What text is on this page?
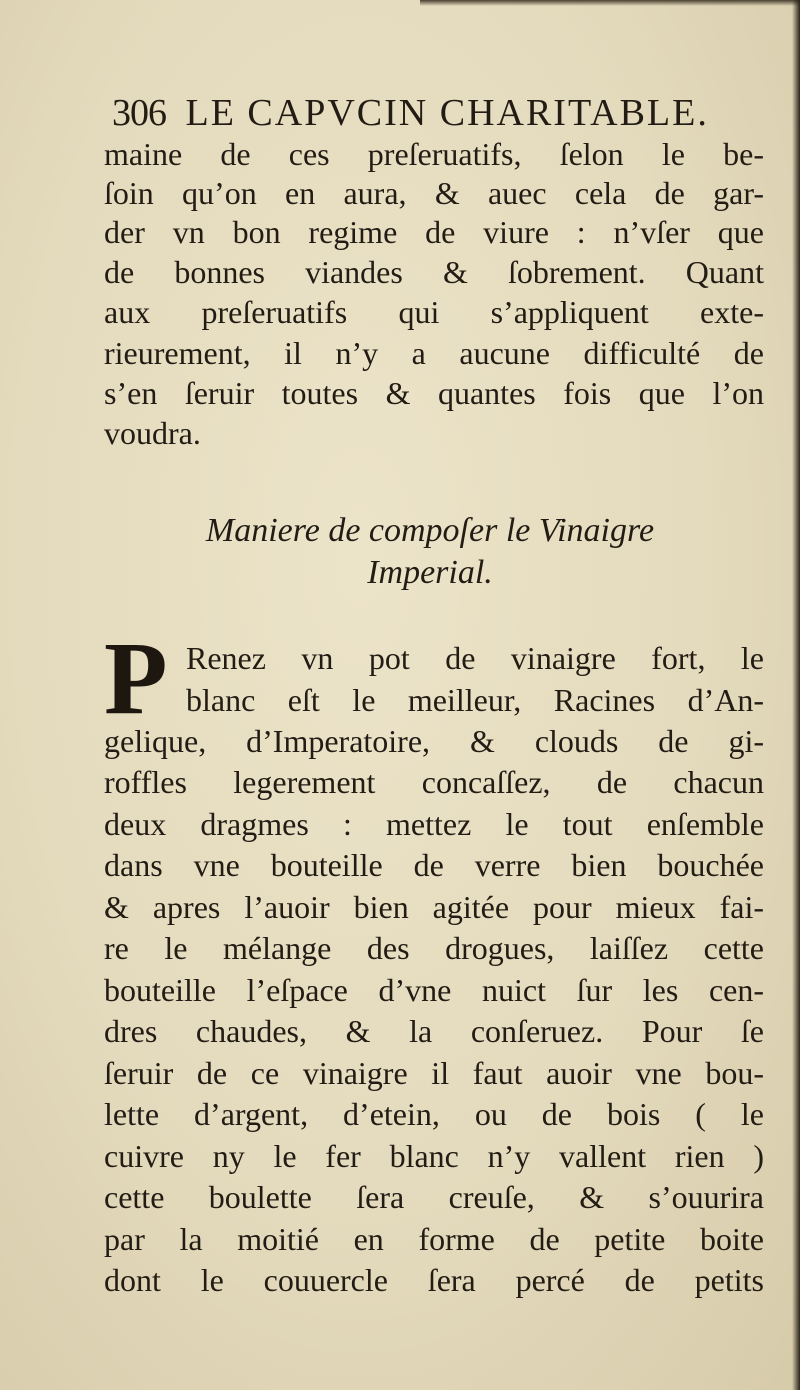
306 LE CAPVCIN CHARITABLE.
maine de ces preſeruatifs, ſelon le be-
ſoin qu’on en aura, & auec cela de gar-
der vn bon regime de viure : n’vſer que
de bonnes viandes & ſobrement. Quant
aux preſeruatifs qui s’appliquent exte-
rieurement, il n’y a aucune difficulté de
s’en ſeruir toutes & quantes fois que l’on
voudra.
Maniere de compoſer le Vinaigre
Imperial.
P Renez vn pot de vinaigre fort, le
blanc eſt le meilleur, Racines d’An-
gelique, d’Imperatoire, & clouds de gi-
roffles legerement concaſſez, de chacun
deux dragmes : mettez le tout enſemble
dans vne bouteille de verre bien bouchée
& apres l’auoir bien agitée pour mieux fai-
re le mélange des drogues, laiſſez cette
bouteille l’eſpace d’vne nuict ſur les cen-
dres chaudes, & la conſeruez. Pour ſe
ſeruir de ce vinaigre il faut auoir vne bou-
lette d’argent, d’etein, ou de bois ( le
cuivre ny le fer blanc n’y vallent rien )
cette boulette ſera creuſe, & s’ouurira
par la moitié en forme de petite boite
dont le couuercle ſera percé de petits
